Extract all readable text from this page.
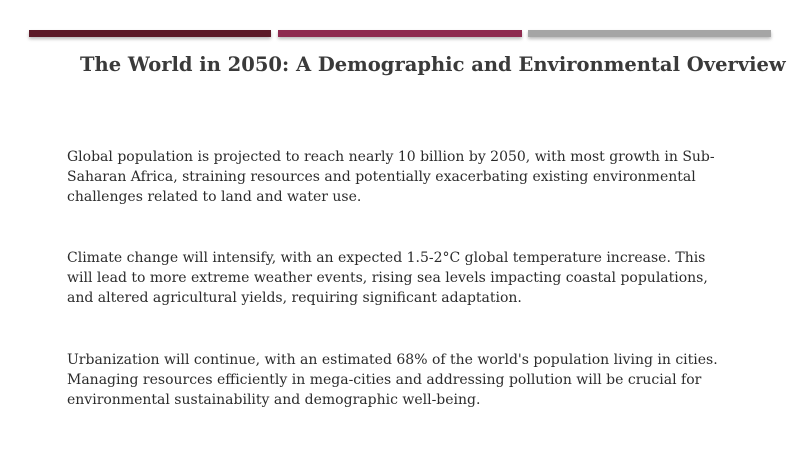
The World in 2050: A Demographic and Environmental Overview

Global population is projected to reach nearly 10 billion by 2050, with most growth in Sub-Saharan Africa, straining resources and potentially exacerbating existing environmental challenges related to land and water use.

Climate change will intensify, with an expected 1.5-2°C global temperature increase. This will lead to more extreme weather events, rising sea levels impacting coastal populations, and altered agricultural yields, requiring significant adaptation.

Urbanization will continue, with an estimated 68% of the world's population living in cities. Managing resources efficiently in mega-cities and addressing pollution will be crucial for environmental sustainability and demographic well-being.
